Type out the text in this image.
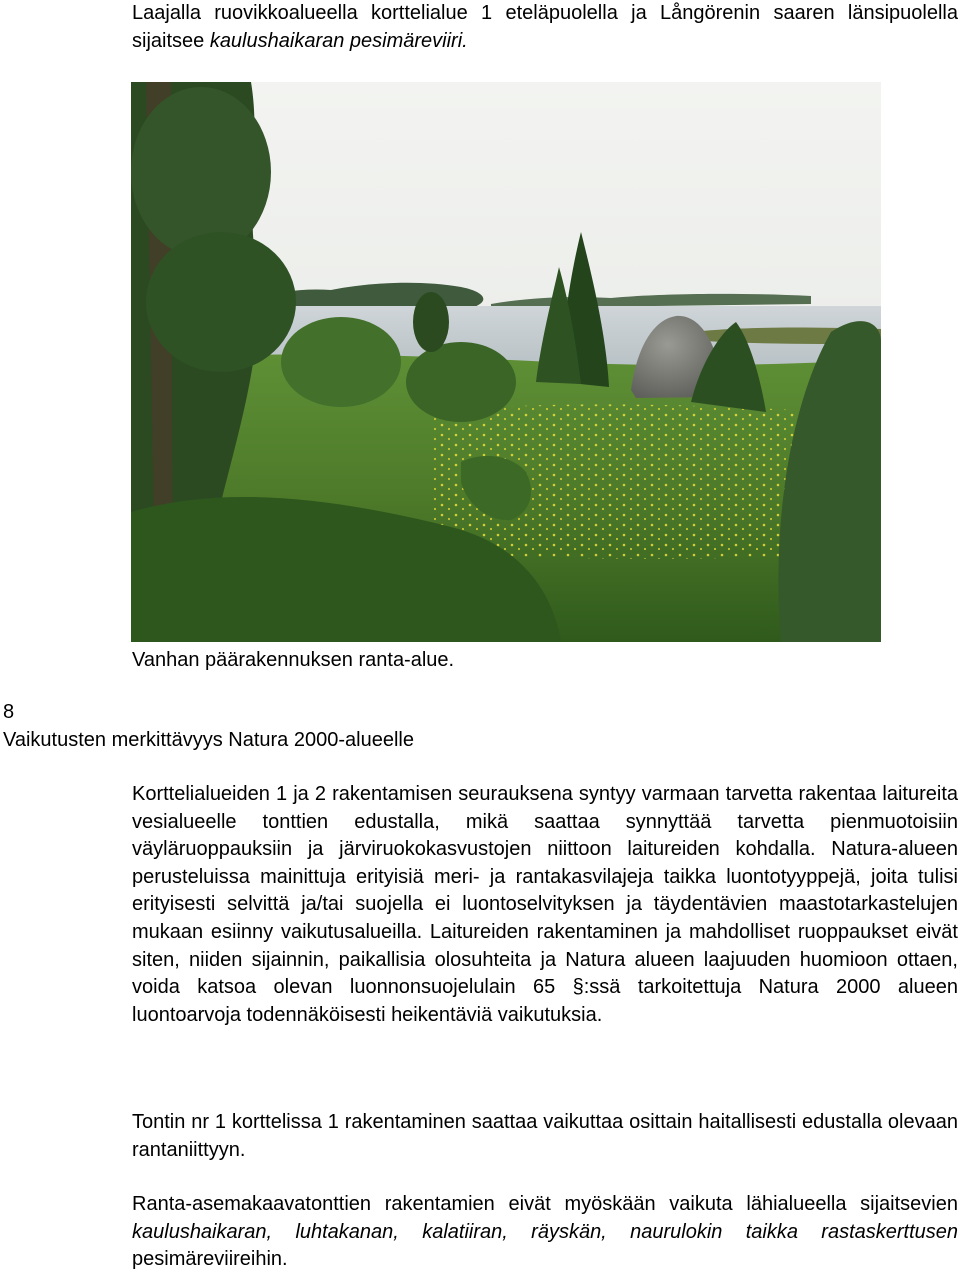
Laajalla ruovikkoalueella korttelialue 1 eteläpuolella ja Långörenin saaren länsipuolella sijaitsee kaulushaikaran pesimäreviiri.

Vanhan päärakennuksen ranta-alue.

8

Vaikutusten merkittävyys Natura 2000-alueelle

Korttelialueiden 1 ja 2 rakentamisen seurauksena syntyy varmaan tarvetta rakentaa laitureita vesialueelle tonttien edustalla, mikä saattaa synnyttää tarvetta pienmuotoisiin väyläruoppauksiin ja järviruokokasvustojen niittoon laitureiden kohdalla. Natura-alueen perusteluissa mainittuja erityisiä meri- ja rantakasvilajeja taikka luontotyyppejä, joita tulisi erityisesti selvittä ja/tai suojella ei luontoselvityksen ja täydentävien maastotarkastelujen mukaan esiinny vaikutusalueilla. Laitureiden rakentaminen ja mahdolliset ruoppaukset eivät siten, niiden sijainnin, paikallisia olosuhteita ja Natura alueen laajuuden huomioon ottaen, voida katsoa olevan luonnonsuojelulain 65 §:ssä tarkoitettuja Natura 2000 alueen luontoarvoja todennäköisesti heikentäviä vaikutuksia.

Tontin nr 1 korttelissa 1 rakentaminen saattaa vaikuttaa osittain haitallisesti edustalla olevaan rantaniittyyn.

Ranta-asemakaavatonttien rakentamien eivät myöskään vaikuta lähialueella sijaitsevien kaulushaikaran, luhtakanan, kalatiiran, räyskän, naurulokin taikka rastaskerttusen pesimäreviireihin.
